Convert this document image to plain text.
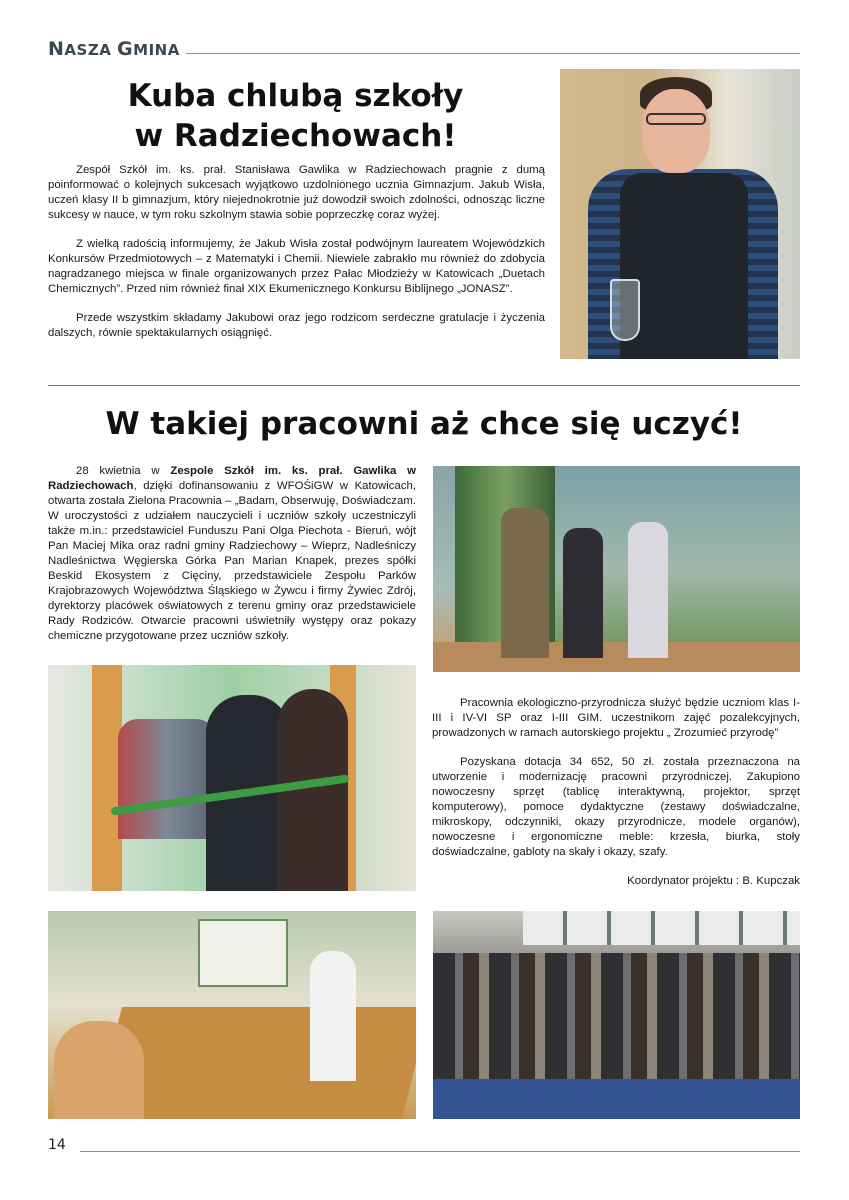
NASZA GMINA
Kuba chlubą szkoły
w Radziechowach!

Zespół Szkół im. ks. prał. Stanisława Gawlika w Radziechowach pragnie z dumą poinformować o kolejnych sukcesach wyjątkowo uzdolnionego ucznia Gimnazjum. Jakub Wisła, uczeń klasy II b gimnazjum, który niejednokrotnie już dowodził swoich zdolności, odnosząc liczne sukcesy w nauce, w tym roku szkolnym stawia sobie poprzeczkę coraz wyżej.

Z wielką radością informujemy, że Jakub Wisła został podwójnym laureatem Wojewódzkich Konkursów Przedmiotowych – z Matematyki i Chemii. Niewiele zabrakło mu również do zdobycia nagradzanego miejsca w finale organizowanych przez Pałac Młodzieży w Katowicach „Duetach Chemicznych”. Przed nim również finał XIX Ekumenicznego Konkursu Biblijnego „JONASZ”.

Przede wszystkim składamy Jakubowi oraz jego rodzicom serdeczne gratulacje i życzenia dalszych, równie spektakularnych osiągnięć.

W takiej pracowni aż chce się uczyć!

28 kwietnia w Zespole Szkół im. ks. prał. Gawlika w Radziechowach, dzięki dofinansowaniu z WFOŚiGW w Katowicach, otwarta została Zielona Pracownia – „Badam, Obserwuję, Doświadczam. W uroczystości z udziałem nauczycieli i uczniów szkoły uczestniczyli także m.in.: przedstawiciel Funduszu Pani Olga Piechota - Bieruń, wójt Pan Maciej Mika oraz radni gminy Radziechowy – Wieprz, Nadleśniczy Nadleśnictwa Węgierska Górka Pan Marian Knapek, prezes spółki Beskid Ekosystem z Cięciny, przedstawiciele Zespołu Parków Krajobrazowych Województwa Śląskiego w Żywcu i firmy Żywiec Zdrój, dyrektorzy placówek oświatowych z terenu gminy oraz przedstawiciele Rady Rodziców. Otwarcie pracowni uświetniły występy oraz pokazy chemiczne przygotowane przez uczniów szkoły.

Pracownia ekologiczno-przyrodnicza służyć będzie uczniom klas I- III i IV-VI SP oraz I-III GIM. uczestnikom zajęć pozalekcyjnych, prowadzonych w ramach autorskiego projektu „ Zrozumieć przyrodę”

Pozyskana dotacja 34 652, 50 zł. została przeznaczona na utworzenie i modernizację pracowni przyrodniczej. Zakupiono nowoczesny sprzęt (tablicę interaktywną, projektor, sprzęt komputerowy), pomoce dydaktyczne (zestawy doświadczalne, mikroskopy, odczynniki, okazy przyrodnicze, modele organów), nowoczesne i ergonomiczne meble: krzesła, biurka, stoły doświadczalne, gabloty na skały i okazy, szafy.

Koordynator projektu : B. Kupczak

14
